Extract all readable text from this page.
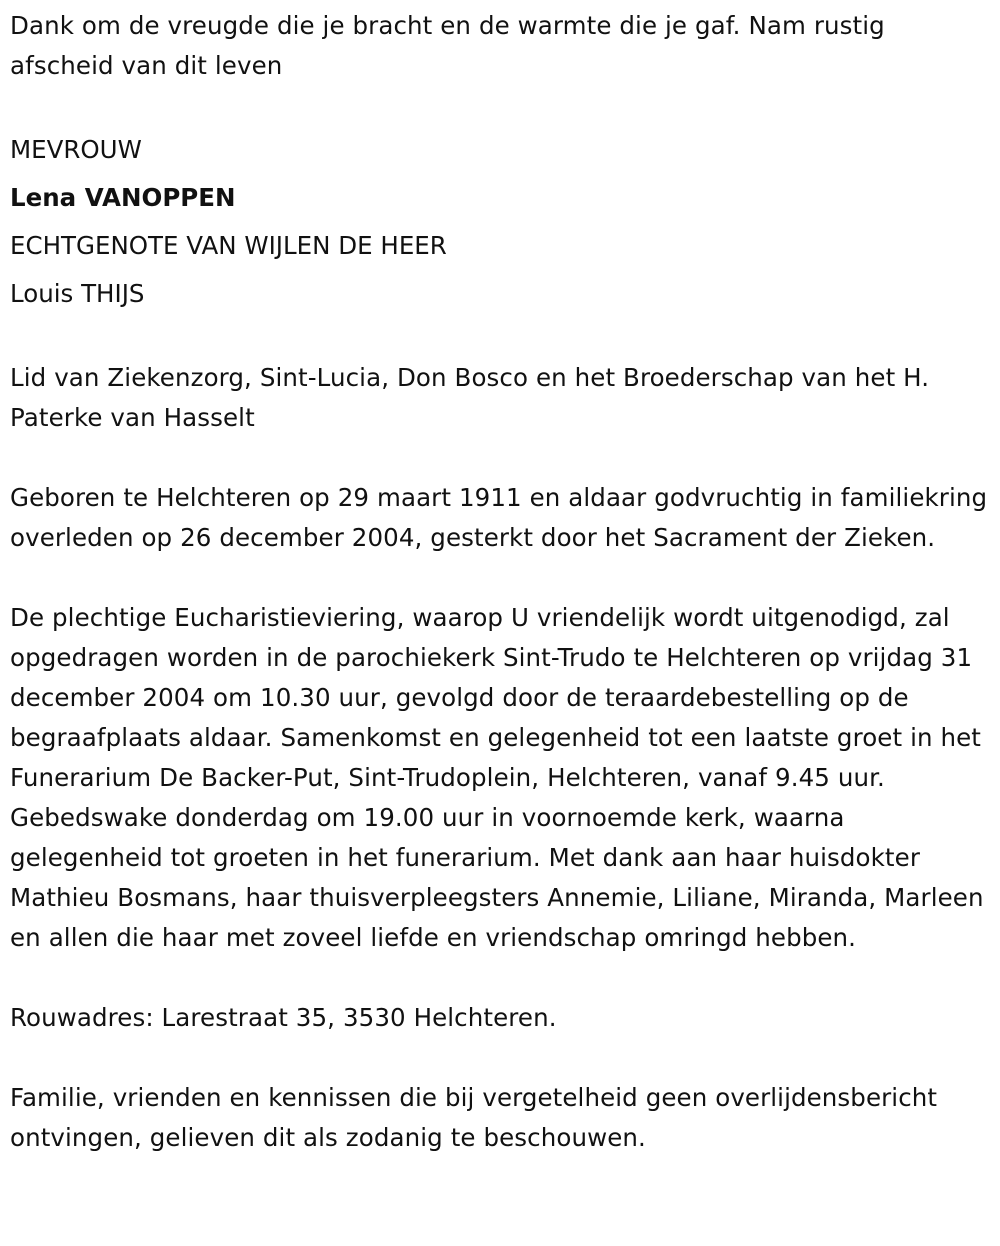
Dank om de vreugde die je bracht en de warmte die je gaf. Nam rustig afscheid van dit leven

MEVROUW

Lena VANOPPEN

ECHTGENOTE VAN WIJLEN DE HEER

Louis THIJS

Lid van Ziekenzorg, Sint-Lucia, Don Bosco en het Broederschap van het H. Paterke van Hasselt

Geboren te Helchteren op 29 maart 1911 en aldaar godvruchtig in familiekring overleden op 26 december 2004, gesterkt door het Sacrament der Zieken.

De plechtige Eucharistieviering, waarop U vriendelijk wordt uitgenodigd, zal opgedragen worden in de parochiekerk Sint-Trudo te Helchteren op vrijdag 31 december 2004 om 10.30 uur, gevolgd door de teraardebestelling op de begraafplaats aldaar. Samenkomst en gelegenheid tot een laatste groet in het Funerarium De Backer-Put, Sint-Trudoplein, Helchteren, vanaf 9.45 uur. Gebedswake donderdag om 19.00 uur in voornoemde kerk, waarna gelegenheid tot groeten in het funerarium. Met dank aan haar huisdokter Mathieu Bosmans, haar thuisverpleegsters Annemie, Liliane, Miranda, Marleen en allen die haar met zoveel liefde en vriendschap omringd hebben.

Rouwadres: Larestraat 35, 3530 Helchteren.

Familie, vrienden en kennissen die bij vergetelheid geen overlijdensbericht ontvingen, gelieven dit als zodanig te beschouwen.
